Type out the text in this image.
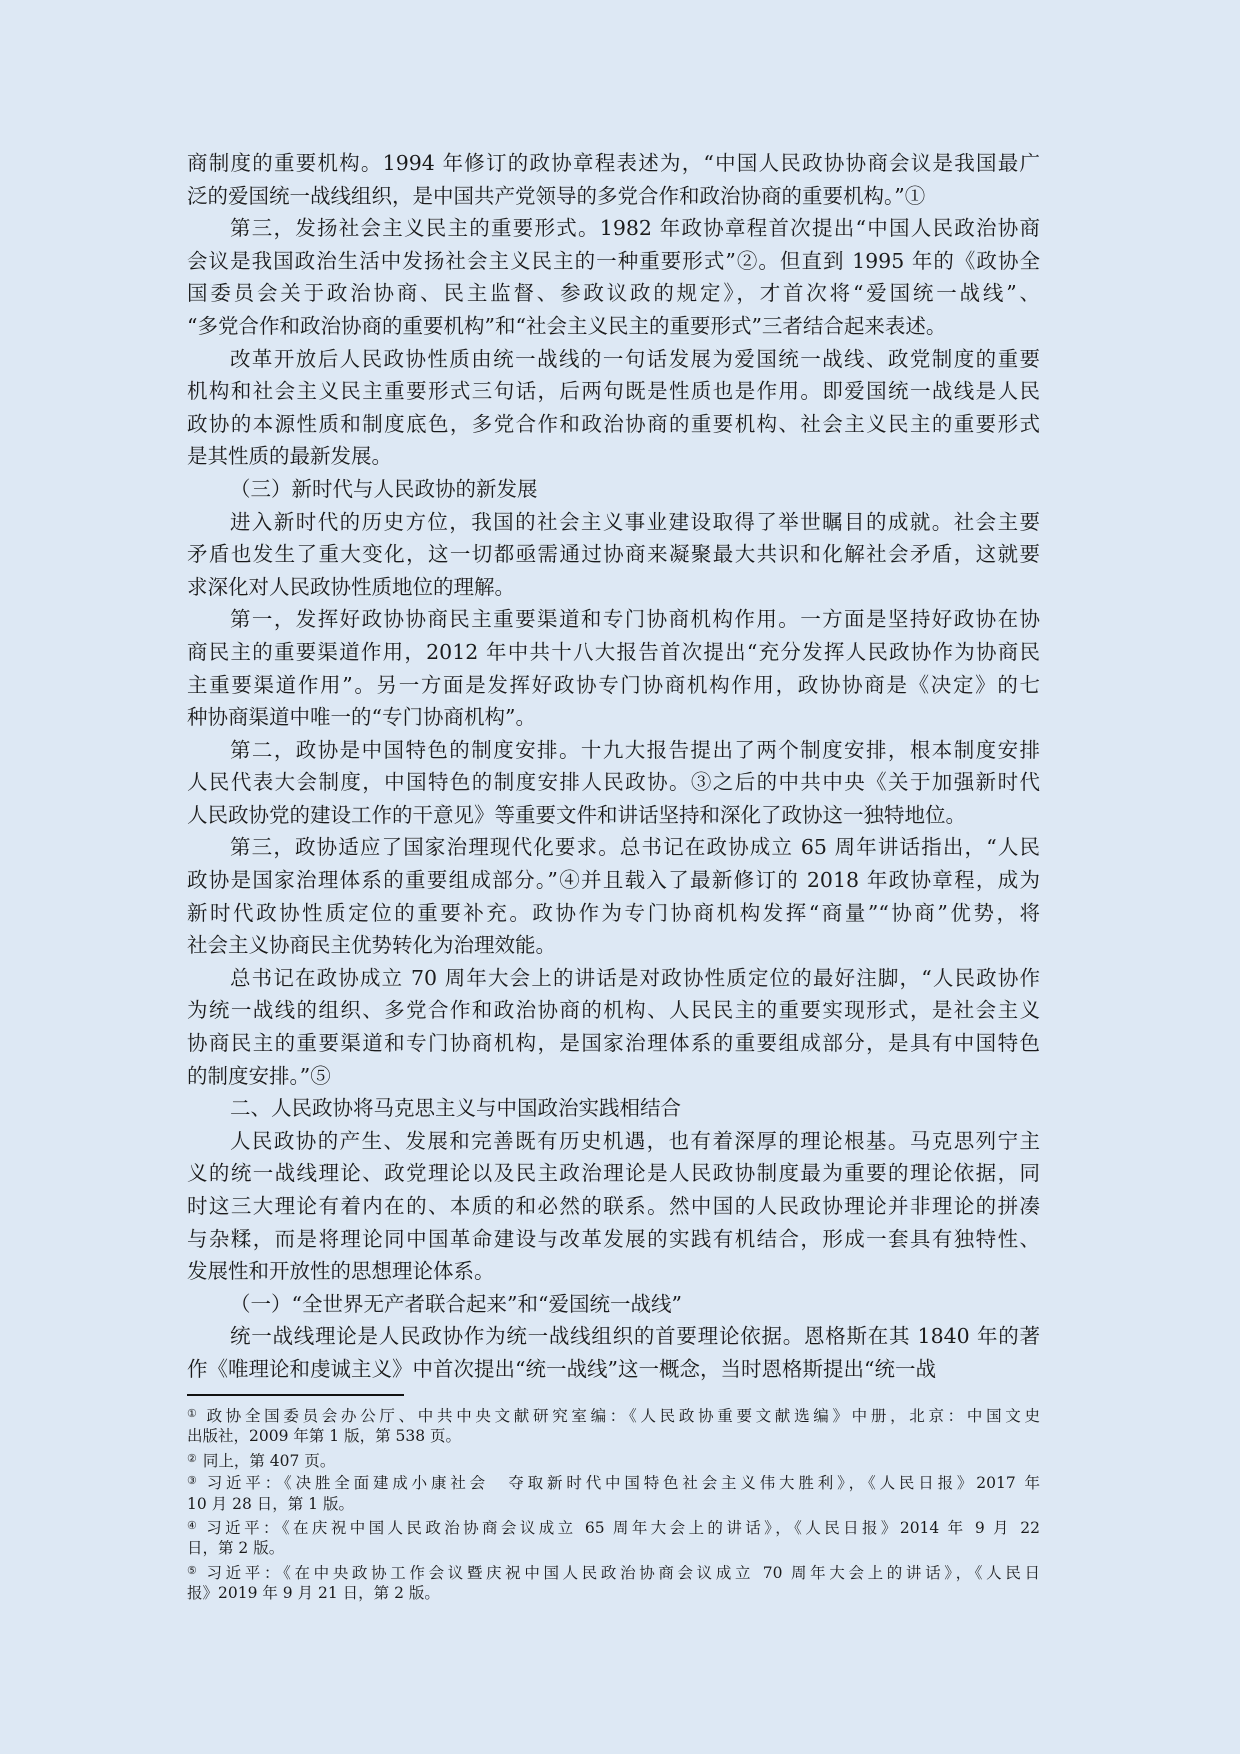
商制度的重要机构。1994 年修订的政协章程表述为，“中国人民政协协商会议是我国最广
泛的爱国统一战线组织，是中国共产党领导的多党合作和政治协商的重要机构。”①
第三，发扬社会主义民主的重要形式。1982 年政协章程首次提出“中国人民政治协商
会议是我国政治生活中发扬社会主义民主的一种重要形式”②。但直到 1995 年的《政协全
国委员会关于政治协商、民主监督、参政议政的规定》，才首次将“爱国统一战线”、
“多党合作和政治协商的重要机构”和“社会主义民主的重要形式”三者结合起来表述。
改革开放后人民政协性质由统一战线的一句话发展为爱国统一战线、政党制度的重要
机构和社会主义民主重要形式三句话，后两句既是性质也是作用。即爱国统一战线是人民
政协的本源性质和制度底色，多党合作和政治协商的重要机构、社会主义民主的重要形式
是其性质的最新发展。
（三）新时代与人民政协的新发展
进入新时代的历史方位，我国的社会主义事业建设取得了举世瞩目的成就。社会主要
矛盾也发生了重大变化，这一切都亟需通过协商来凝聚最大共识和化解社会矛盾，这就要
求深化对人民政协性质地位的理解。
第一，发挥好政协协商民主重要渠道和专门协商机构作用。一方面是坚持好政协在协
商民主的重要渠道作用，2012 年中共十八大报告首次提出“充分发挥人民政协作为协商民
主重要渠道作用”。另一方面是发挥好政协专门协商机构作用，政协协商是《决定》的七
种协商渠道中唯一的“专门协商机构”。
第二，政协是中国特色的制度安排。十九大报告提出了两个制度安排，根本制度安排
人民代表大会制度，中国特色的制度安排人民政协。③之后的中共中央《关于加强新时代
人民政协党的建设工作的干意见》等重要文件和讲话坚持和深化了政协这一独特地位。
第三，政协适应了国家治理现代化要求。总书记在政协成立 65 周年讲话指出，“人民
政协是国家治理体系的重要组成部分。”④并且载入了最新修订的 2018 年政协章程，成为
新时代政协性质定位的重要补充。政协作为专门协商机构发挥“商量”“协商”优势，将
社会主义协商民主优势转化为治理效能。
总书记在政协成立 70 周年大会上的讲话是对政协性质定位的最好注脚，“人民政协作
为统一战线的组织、多党合作和政治协商的机构、人民民主的重要实现形式，是社会主义
协商民主的重要渠道和专门协商机构，是国家治理体系的重要组成部分，是具有中国特色
的制度安排。”⑤
二、人民政协将马克思主义与中国政治实践相结合
人民政协的产生、发展和完善既有历史机遇，也有着深厚的理论根基。马克思列宁主
义的统一战线理论、政党理论以及民主政治理论是人民政协制度最为重要的理论依据，同
时这三大理论有着内在的、本质的和必然的联系。然中国的人民政协理论并非理论的拼凑
与杂糅，而是将理论同中国革命建设与改革发展的实践有机结合，形成一套具有独特性、
发展性和开放性的思想理论体系。
（一）“全世界无产者联合起来”和“爱国统一战线”
统一战线理论是人民政协作为统一战线组织的首要理论依据。恩格斯在其 1840 年的著
作《唯理论和虔诚主义》中首次提出“统一战线”这一概念，当时恩格斯提出“统一战
① 政协全国委员会办公厅、中共中央文献研究室编：《人民政协重要文献选编》中册，北京：中国文史
出版社，2009 年第 1 版，第 538 页。
② 同上，第 407 页。
③ 习近平：《决胜全面建成小康社会　夺取新时代中国特色社会主义伟大胜利》，《人民日报》2017 年
10 月 28 日，第 1 版。
④ 习近平：《在庆祝中国人民政治协商会议成立 65 周年大会上的讲话》，《人民日报》2014 年 9 月 22
日，第 2 版。
⑤ 习近平：《在中央政协工作会议暨庆祝中国人民政治协商会议成立 70 周年大会上的讲话》，《人民日
报》2019 年 9 月 21 日，第 2 版。
